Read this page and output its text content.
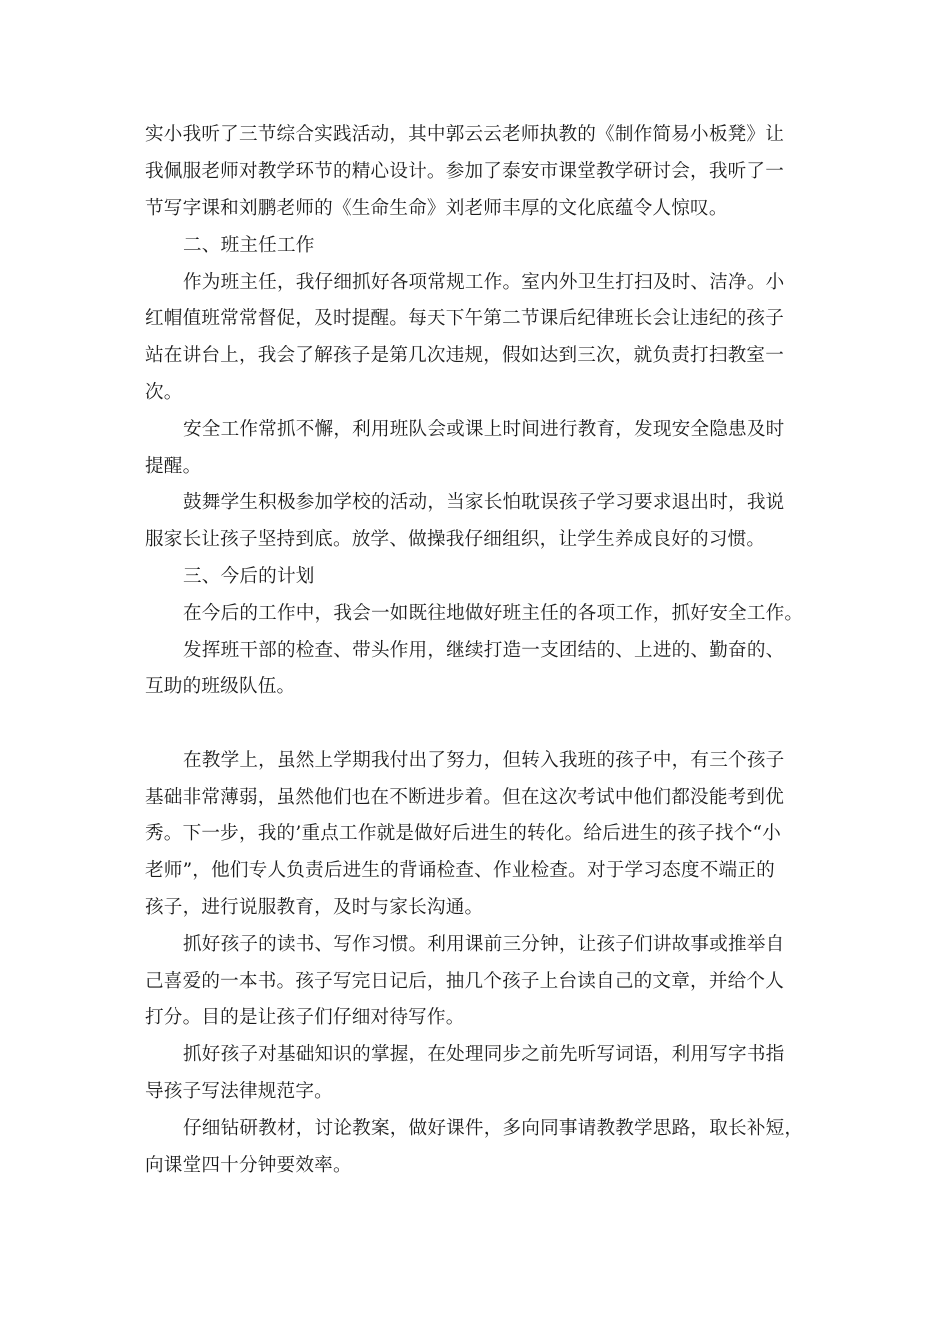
实小我听了三节综合实践活动，其中郭云云老师执教的《制作简易小板凳》让
我佩服老师对教学环节的精心设计。参加了泰安市课堂教学研讨会，我听了一
节写字课和刘鹏老师的《生命生命》刘老师丰厚的文化底蕴令人惊叹。
二、班主任工作
作为班主任，我仔细抓好各项常规工作。室内外卫生打扫及时、洁净。小
红帽值班常常督促，及时提醒。每天下午第二节课后纪律班长会让违纪的孩子
站在讲台上，我会了解孩子是第几次违规，假如达到三次，就负责打扫教室一
次。
安全工作常抓不懈，利用班队会或课上时间进行教育，发现安全隐患及时
提醒。
鼓舞学生积极参加学校的活动，当家长怕耽误孩子学习要求退出时，我说
服家长让孩子坚持到底。放学、做操我仔细组织，让学生养成良好的习惯。
三、今后的计划
在今后的工作中，我会一如既往地做好班主任的各项工作，抓好安全工作。
发挥班干部的检查、带头作用，继续打造一支团结的、上进的、勤奋的、
互助的班级队伍。
在教学上，虽然上学期我付出了努力，但转入我班的孩子中，有三个孩子
基础非常薄弱，虽然他们也在不断进步着。但在这次考试中他们都没能考到优
秀。下一步，我的’重点工作就是做好后进生的转化。给后进生的孩子找个“小
老师”，他们专人负责后进生的背诵检查、作业检查。对于学习态度不端正的
孩子，进行说服教育，及时与家长沟通。
抓好孩子的读书、写作习惯。利用课前三分钟，让孩子们讲故事或推举自
己喜爱的一本书。孩子写完日记后，抽几个孩子上台读自己的文章，并给个人
打分。目的是让孩子们仔细对待写作。
抓好孩子对基础知识的掌握，在处理同步之前先听写词语，利用写字书指
导孩子写法律规范字。
仔细钻研教材，讨论教案，做好课件，多向同事请教教学思路，取长补短，
向课堂四十分钟要效率。
